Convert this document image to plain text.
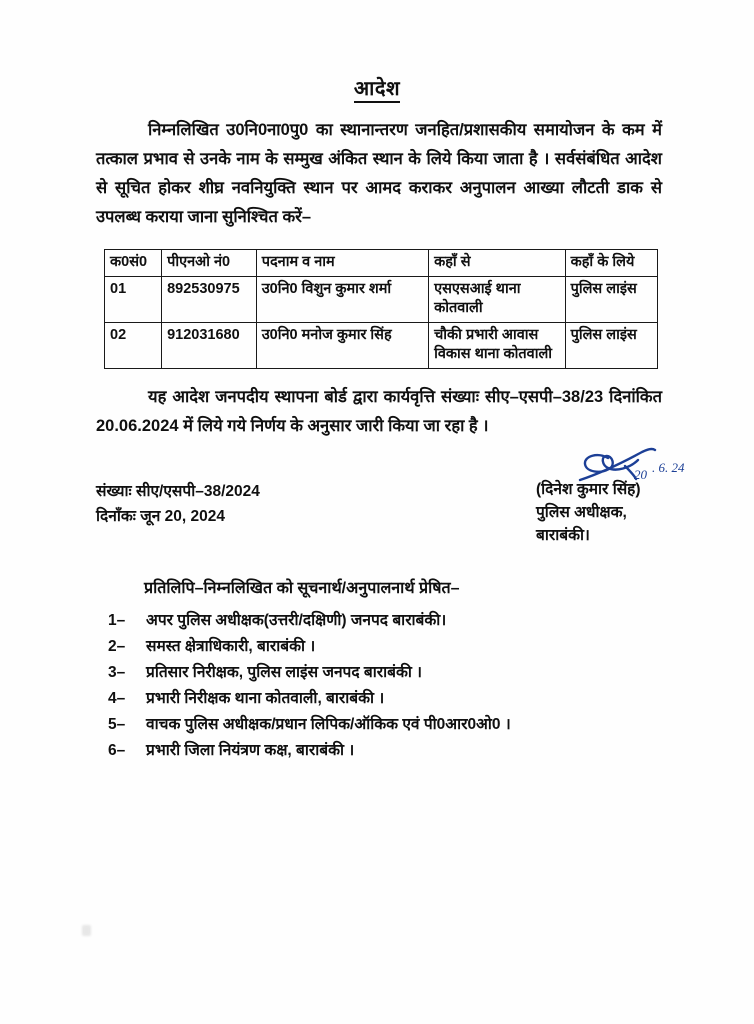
आदेश
निम्नलिखित उ0नि0ना0पु0 का स्थानान्तरण जनहित/प्रशासकीय समायोजन के कम में तत्काल प्रभाव से उनके नाम के सम्मुख अंकित स्थान के लिये किया जाता है । सर्वसंबंधित आदेश से सूचित होकर शीघ्र नवनियुक्ति स्थान पर आमद कराकर अनुपालन आख्या लौटती डाक से उपलब्ध कराया जाना सुनिश्चित करें–
क0सं0	पीएनओ नं0	पदनाम व नाम	कहाँ से	कहाँ के लिये
01	892530975	उ0नि0 विशुन कुमार शर्मा	एसएसआई थाना कोतवाली	पुलिस लाइंस
02	912031680	उ0नि0 मनोज कुमार सिंह	चौकी प्रभारी आवास विकास थाना कोतवाली	पुलिस लाइंस
यह आदेश जनपदीय स्थापना बोर्ड द्वारा कार्यवृत्ति संख्याः सीए–एसपी–38/23 दिनांकित 20.06.2024 में लिये गये निर्णय के अनुसार जारी किया जा रहा है ।
संख्याः सीए/एसपी–38/2024
दिनाँकः जून 20, 2024
20 . 6. 24
(दिनेश कुमार सिंह)
पुलिस अधीक्षक,
बाराबंकी।
प्रतिलिपि–निम्नलिखित को सूचनार्थ/अनुपालनार्थ प्रेषित–
1–	अपर पुलिस अधीक्षक(उत्तरी/दक्षिणी) जनपद बाराबंकी।
2–	समस्त क्षेत्राधिकारी, बाराबंकी ।
3–	प्रतिसार निरीक्षक, पुलिस लाइंस जनपद बाराबंकी ।
4–	प्रभारी निरीक्षक थाना कोतवाली, बाराबंकी ।
5–	वाचक पुलिस अधीक्षक/प्रधान लिपिक/ऑकिक एवं पी0आर0ओ0 ।
6–	प्रभारी जिला नियंत्रण कक्ष, बाराबंकी ।
